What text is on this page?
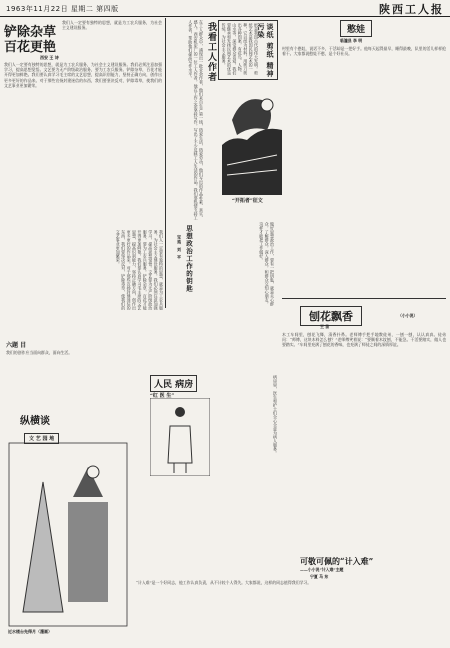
1963年11月22日 星期二 第四版	陕西工人报
铲除杂草
百花更艳
西安 王 诗
我们人一定要有独特的思想，就是为工农兵服务，为社会主义建设服务。
我们人一定要有独特的思想，就是为工农兵服务，为社会主义建设服务。我们必须注意加强学习，提高思想觉悟。文艺要为无产阶级政治服务，要为工农兵服务。铲除杂草，百花才能开得更加鲜艳。我们要认真学习毛主席的文艺思想，提高识别能力，坚持正确方向，创作出更多更好的作品来。对于那些宣扬封建迷信的东西，我们要坚决反对，铲除毒草，使我们的文艺事业更加繁荣。
我看工人作者
在工人群众中，涌现出一批业余作者，他们来自生产第一线，热爱生活，热爱劳动，他们写出的作品朴素、真实、感人。西安机床厂的一位工人作者，他在工作之余坚持写作，写出了不少反映工人生活的作品。我们要热情支持工人作者，帮助他们提高写作水平。	谈纸 剪纸 精神 污染
纸是我国古代的伟大发明。剪纸艺术是我国民间艺术的一种，它以纸为材料，用剪刀剪出各种图案，有花鸟、人物、山水等，深受群众喜爱。我们要继承和发扬民间艺术的优良传统，为社会主义服务。	憨娃
临潼县 李 明
村里有个憨娃，说话不多，干活却是一把好手。他每天起得最早，睡得最晚，队里的活儿样样抢着干。大家都说憨娃不憨，是个好社员。
“开拓者”征文
思想政治工作的钥匙
宝鸡 刘 平	做好思想政治工作，要有一把钥匙，就是关心群众，了解群众，深入群众，和群众交知心朋友，这样才能把工作做好。
我们人一定要有独特的思想，就是为工农兵服务，为社会主义建设服务。我们必须注意加强学习，提高思想觉悟。文艺要为无产阶级政治服务，要为工农兵服务。铲除杂草，百花才能开得更加鲜艳。我们要认真学习毛主席的文艺思想，提高识别能力，坚持正确方向，创作出更多更好的作品来。对于那些宣扬封建迷信的东西，我们要坚决反对，铲除毒草，使我们的文艺事业更加繁荣。
刨花飘香	（小小说）
王 苗
木工车间里，刨花飞舞，清香扑鼻。老师傅手把手地教徒弟，一刨一刨，认认真真。徒弟问：“师傅，这块木料怎么刨？”老师傅笑着说：“要顺着木纹刨，不能急。干活要踏实，做人也要踏实。”车间里充满了刨花的香味，也充满了师徒之间的深情厚谊。
六题 目
我们的创作应当面向群众，面向生活。
人民 病房
“红 医 生”	病房里，医生和护士们全心全意为病人服务。
纵横谈
文 艺 园 地
近水楼台先得月（漫画）
可敬可佩的“计入难”
——小小说“计入难”主题
宁夏 马 东
“计入难”是一个好同志，他工作认真负责，从不计较个人得失。大家都说，这样的同志值得我们学习。
